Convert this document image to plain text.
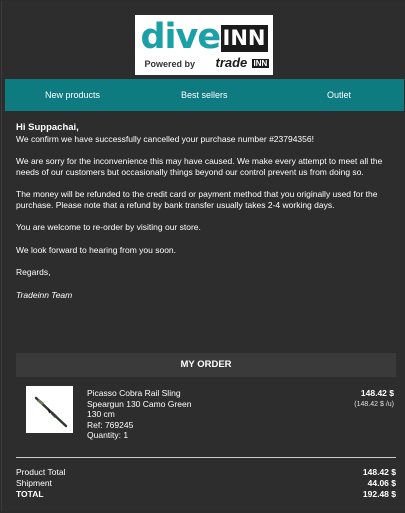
dive INN
Powered by trade INN
New products	Best sellers	Outlet

Hi Suppachai,
We confirm we have successfully cancelled your purchase number #23794356!

We are sorry for the inconvenience this may have caused. We make every attempt to meet all the needs of our customers but occasionally things beyond our control prevent us from doing so.

The money will be refunded to the credit card or payment method that you originally used for the purchase. Please note that a refund by bank transfer usually takes 2-4 working days.

You are welcome to re-order by visiting our store.

We look forward to hearing from you soon.

Regards,

Tradeinn Team

MY ORDER
Picasso Cobra Rail Sling
Speargun 130 Camo Green
130 cm
Ref: 769245
Quantity: 1
148.42 $
(148.42 $ /u)
Product Total	148.42 $
Shipment	44.06 $
TOTAL	192.48 $
